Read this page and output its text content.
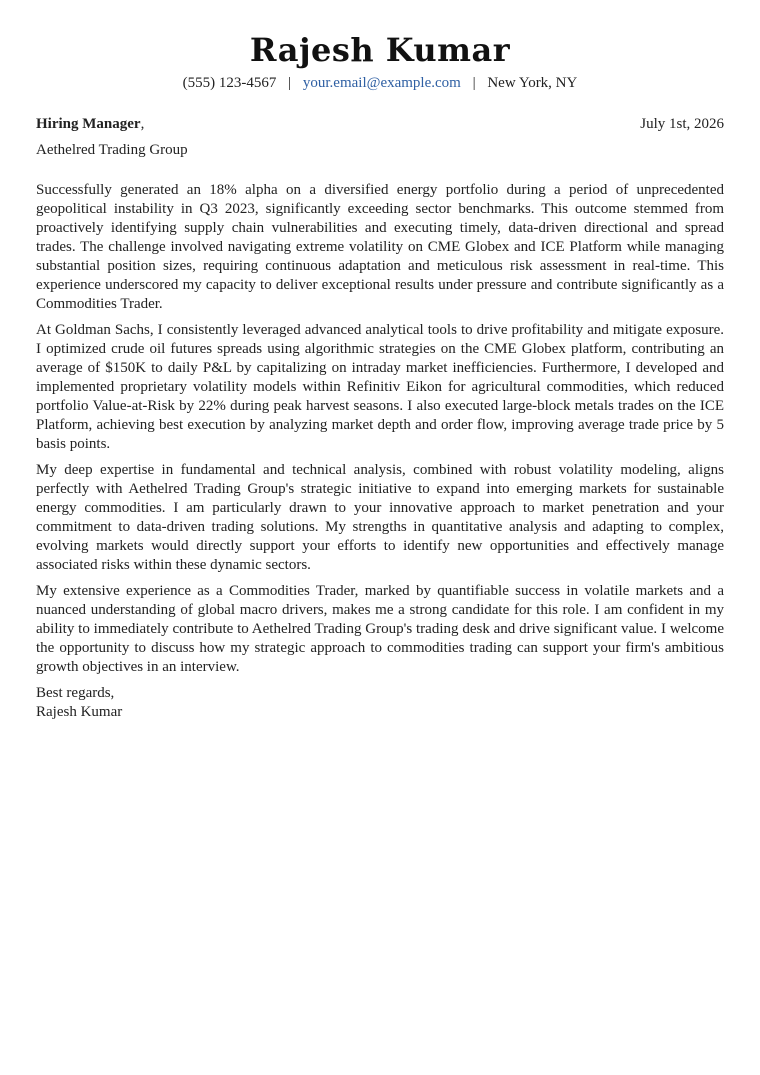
Rajesh Kumar
(555) 123-4567 | your.email@example.com | New York, NY
Hiring Manager,	July 1st, 2026
Aethelred Trading Group

Successfully generated an 18% alpha on a diversified energy portfolio during a period of unprecedented geopolitical instability in Q3 2023, significantly exceeding sector benchmarks. This outcome stemmed from proactively identifying supply chain vulnerabilities and executing timely, data-driven directional and spread trades. The challenge involved navigating extreme volatility on CME Globex and ICE Platform while managing substantial position sizes, requiring continuous adaptation and meticulous risk assessment in real-time. This experience underscored my capacity to deliver exceptional results under pressure and contribute significantly as a Commodities Trader.

At Goldman Sachs, I consistently leveraged advanced analytical tools to drive profitability and mitigate exposure. I optimized crude oil futures spreads using algorithmic strategies on the CME Globex platform, contributing an average of $150K to daily P&L by capitalizing on intraday market inefficiencies. Furthermore, I developed and implemented proprietary volatility models within Refinitiv Eikon for agricultural commodities, which reduced portfolio Value-at-Risk by 22% during peak harvest seasons. I also executed large-block metals trades on the ICE Platform, achieving best execution by analyzing market depth and order flow, improving average trade price by 5 basis points.

My deep expertise in fundamental and technical analysis, combined with robust volatility modeling, aligns perfectly with Aethelred Trading Group's strategic initiative to expand into emerging markets for sustainable energy commodities. I am particularly drawn to your innovative approach to market penetration and your commitment to data-driven trading solutions. My strengths in quantitative analysis and adapting to complex, evolving markets would directly support your efforts to identify new opportunities and effectively manage associated risks within these dynamic sectors.

My extensive experience as a Commodities Trader, marked by quantifiable success in volatile markets and a nuanced understanding of global macro drivers, makes me a strong candidate for this role. I am confident in my ability to immediately contribute to Aethelred Trading Group's trading desk and drive significant value. I welcome the opportunity to discuss how my strategic approach to commodities trading can support your firm's ambitious growth objectives in an interview.

Best regards,
Rajesh Kumar
